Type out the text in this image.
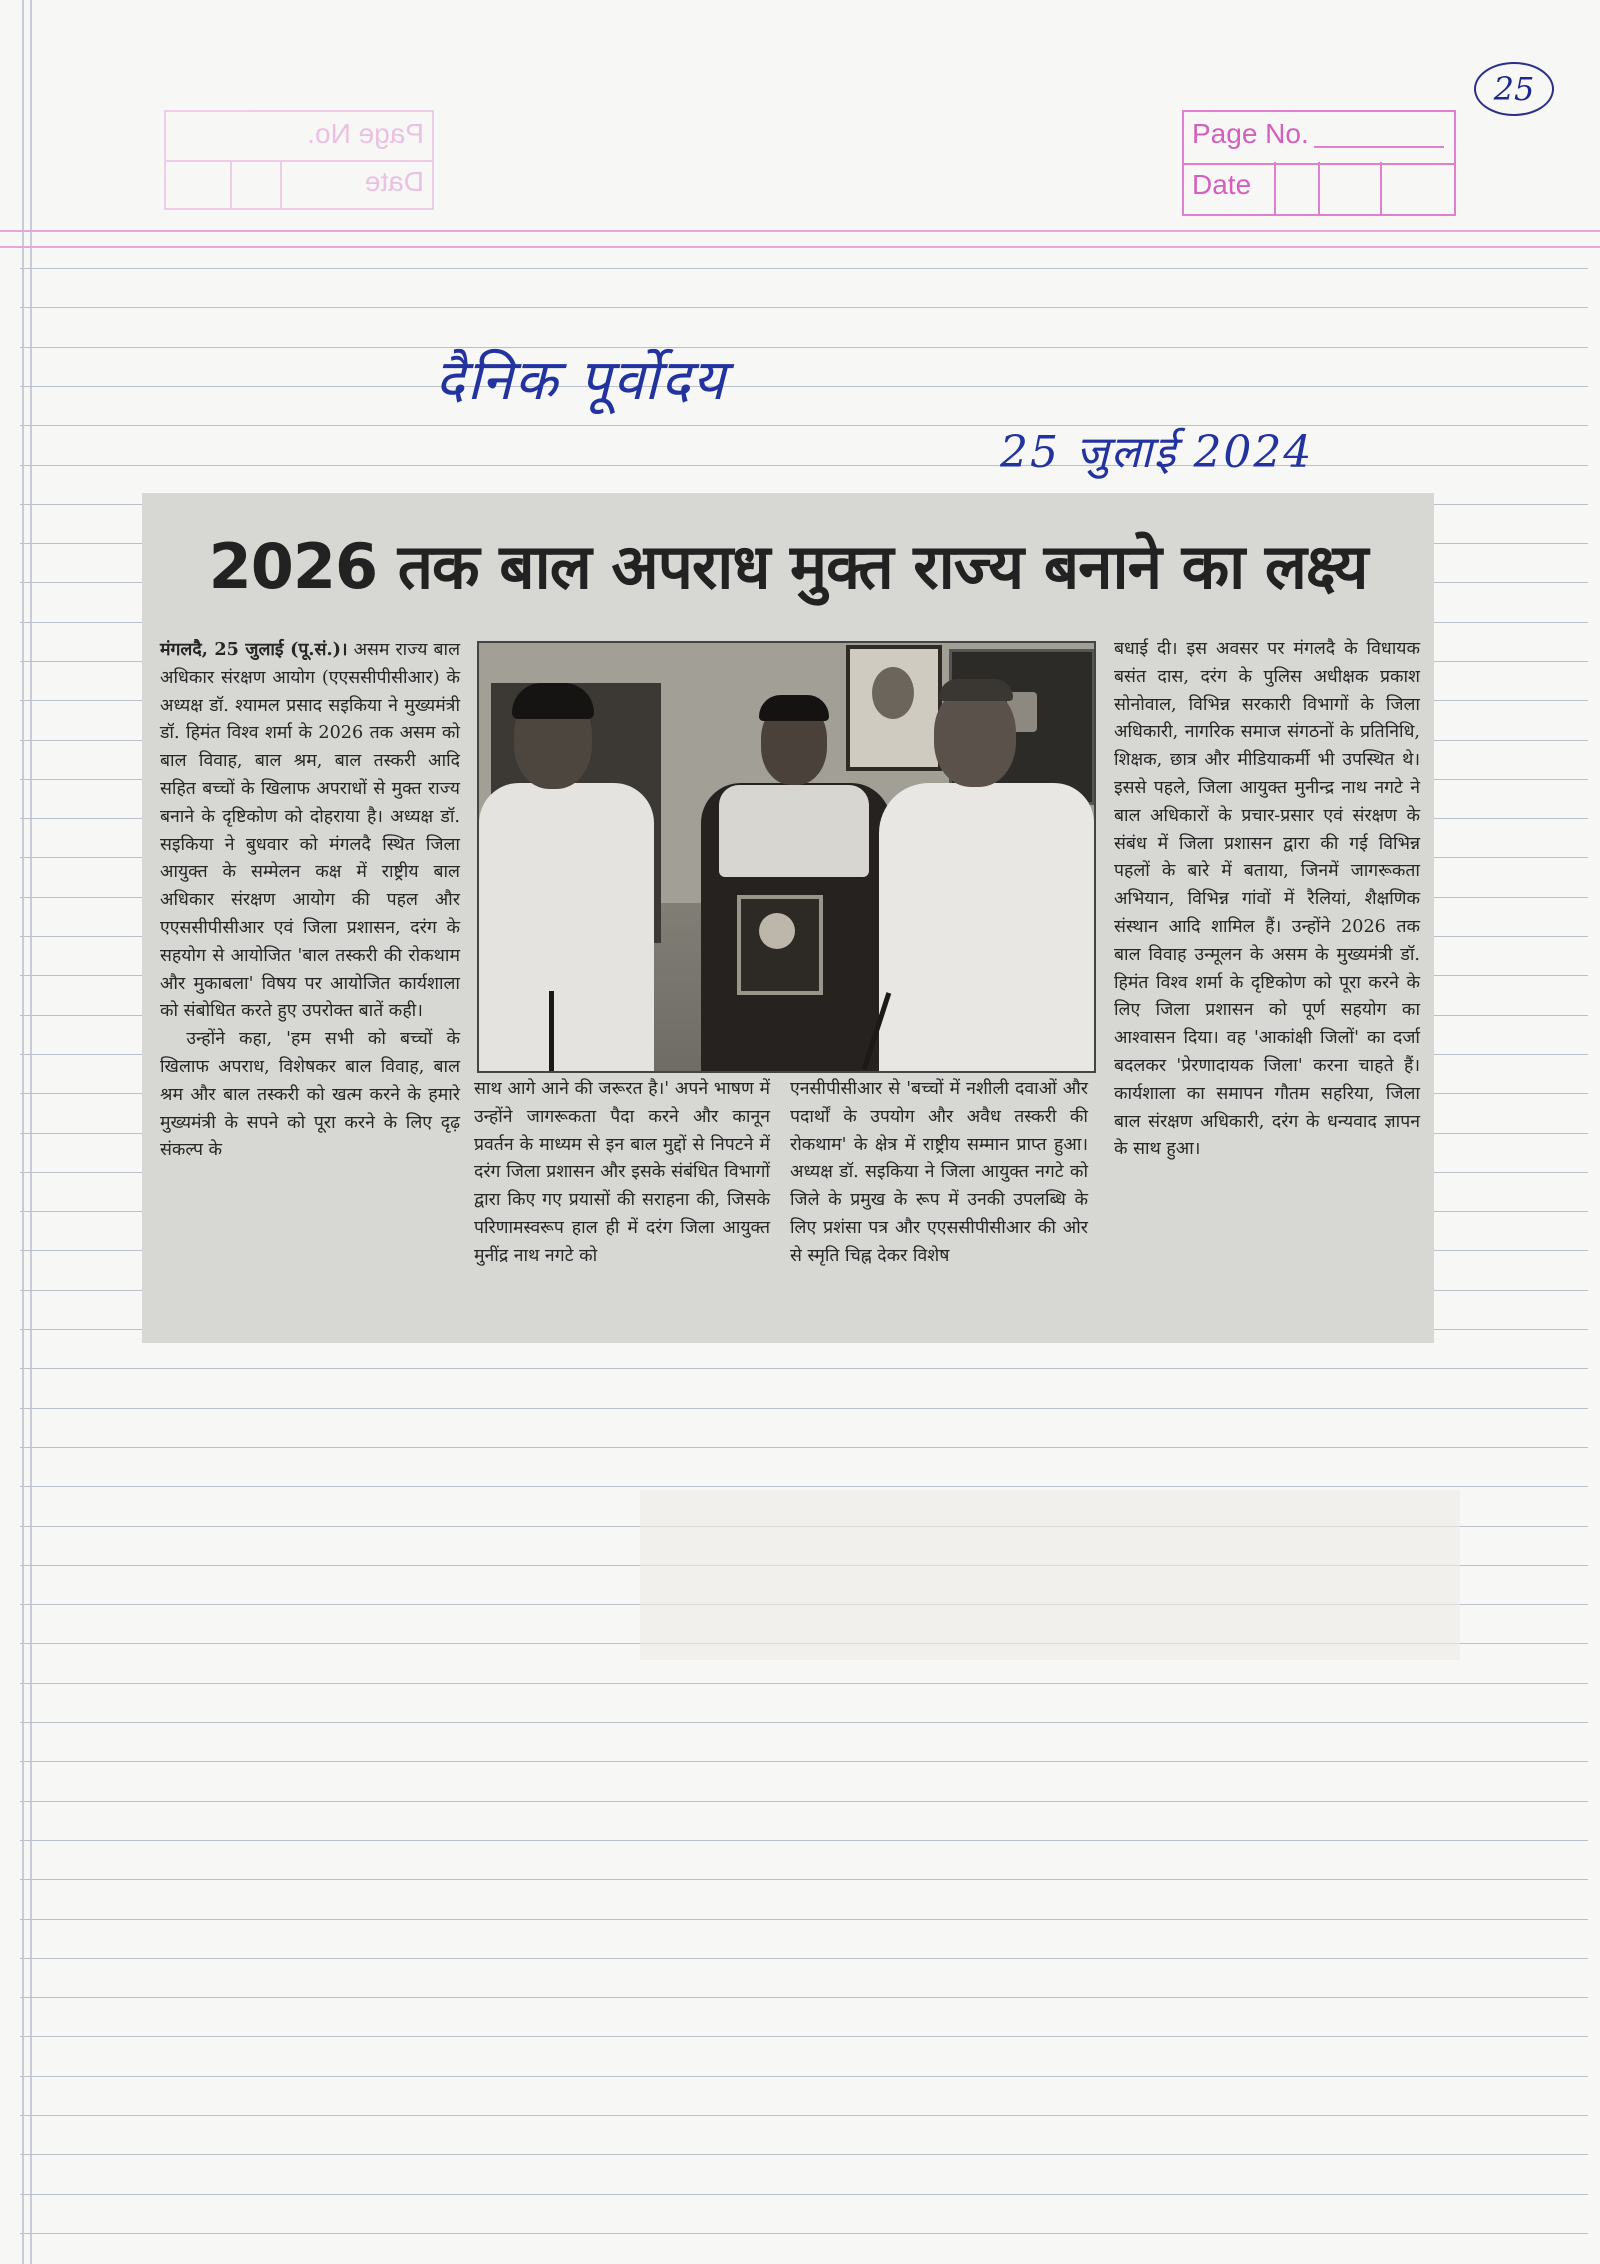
Page No.
Date
Page No.
Date
25
दैनिक पूर्वोदय
25 जुलाई 2024
2026 तक बाल अपराध मुक्त राज्य बनाने का लक्ष्य

मंगलदै, 25 जुलाई (पू.सं.)। असम राज्य बाल अधिकार संरक्षण आयोग (एएससीपीसीआर) के अध्यक्ष डॉ. श्यामल प्रसाद सइकिया ने मुख्यमंत्री डॉ. हिमंत विश्व शर्मा के 2026 तक असम को बाल विवाह, बाल श्रम, बाल तस्करी आदि सहित बच्चों के खिलाफ अपराधों से मुक्त राज्य बनाने के दृष्टिकोण को दोहराया है। अध्यक्ष डॉ. सइकिया ने बुधवार को मंगलदै स्थित जिला आयुक्त के सम्मेलन कक्ष में राष्ट्रीय बाल अधिकार संरक्षण आयोग की पहल और एएससीपीसीआर एवं जिला प्रशासन, दरंग के सहयोग से आयोजित 'बाल तस्करी की रोकथाम और मुकाबला' विषय पर आयोजित कार्यशाला को संबोधित करते हुए उपरोक्त बातें कही।

उन्होंने कहा, 'हम सभी को बच्चों के खिलाफ अपराध, विशेषकर बाल विवाह, बाल श्रम और बाल तस्करी को खत्म करने के हमारे मुख्यमंत्री के सपने को पूरा करने के लिए दृढ़ संकल्प के

साथ आगे आने की जरूरत है।' अपने भाषण में उन्होंने जागरूकता पैदा करने और कानून प्रवर्तन के माध्यम से इन बाल मुद्दों से निपटने में दरंग जिला प्रशासन और इसके संबंधित विभागों द्वारा किए गए प्रयासों की सराहना की, जिसके परिणामस्वरूप हाल ही में दरंग जिला आयुक्त मुनींद्र नाथ नगटे को
एनसीपीसीआर से 'बच्चों में नशीली दवाओं और पदार्थों के उपयोग और अवैध तस्करी की रोकथाम' के क्षेत्र में राष्ट्रीय सम्मान प्राप्त हुआ। अध्यक्ष डॉ. सइकिया ने जिला आयुक्त नगटे को जिले के प्रमुख के रूप में उनकी उपलब्धि के लिए प्रशंसा पत्र और एएससीपीसीआर की ओर से स्मृति चिह्न देकर विशेष
बधाई दी। इस अवसर पर मंगलदै के विधायक बसंत दास, दरंग के पुलिस अधीक्षक प्रकाश सोनोवाल, विभिन्न सरकारी विभागों के जिला अधिकारी, नागरिक समाज संगठनों के प्रतिनिधि, शिक्षक, छात्र और मीडियाकर्मी भी उपस्थित थे। इससे पहले, जिला आयुक्त मुनीन्द्र नाथ नगटे ने बाल अधिकारों के प्रचार-प्रसार एवं संरक्षण के संबंध में जिला प्रशासन द्वारा की गई विभिन्न पहलों के बारे में बताया, जिनमें जागरूकता अभियान, विभिन्न गांवों में रैलियां, शैक्षणिक संस्थान आदि शामिल हैं। उन्होंने 2026 तक बाल विवाह उन्मूलन के असम के मुख्यमंत्री डॉ. हिमंत विश्व शर्मा के दृष्टिकोण को पूरा करने के लिए जिला प्रशासन को पूर्ण सहयोग का आश्वासन दिया। वह 'आकांक्षी जिलों' का दर्जा बदलकर 'प्रेरणादायक जिला' करना चाहते हैं। कार्यशाला का समापन गौतम सहरिया, जिला बाल संरक्षण अधिकारी, दरंग के धन्यवाद ज्ञापन के साथ हुआ।
